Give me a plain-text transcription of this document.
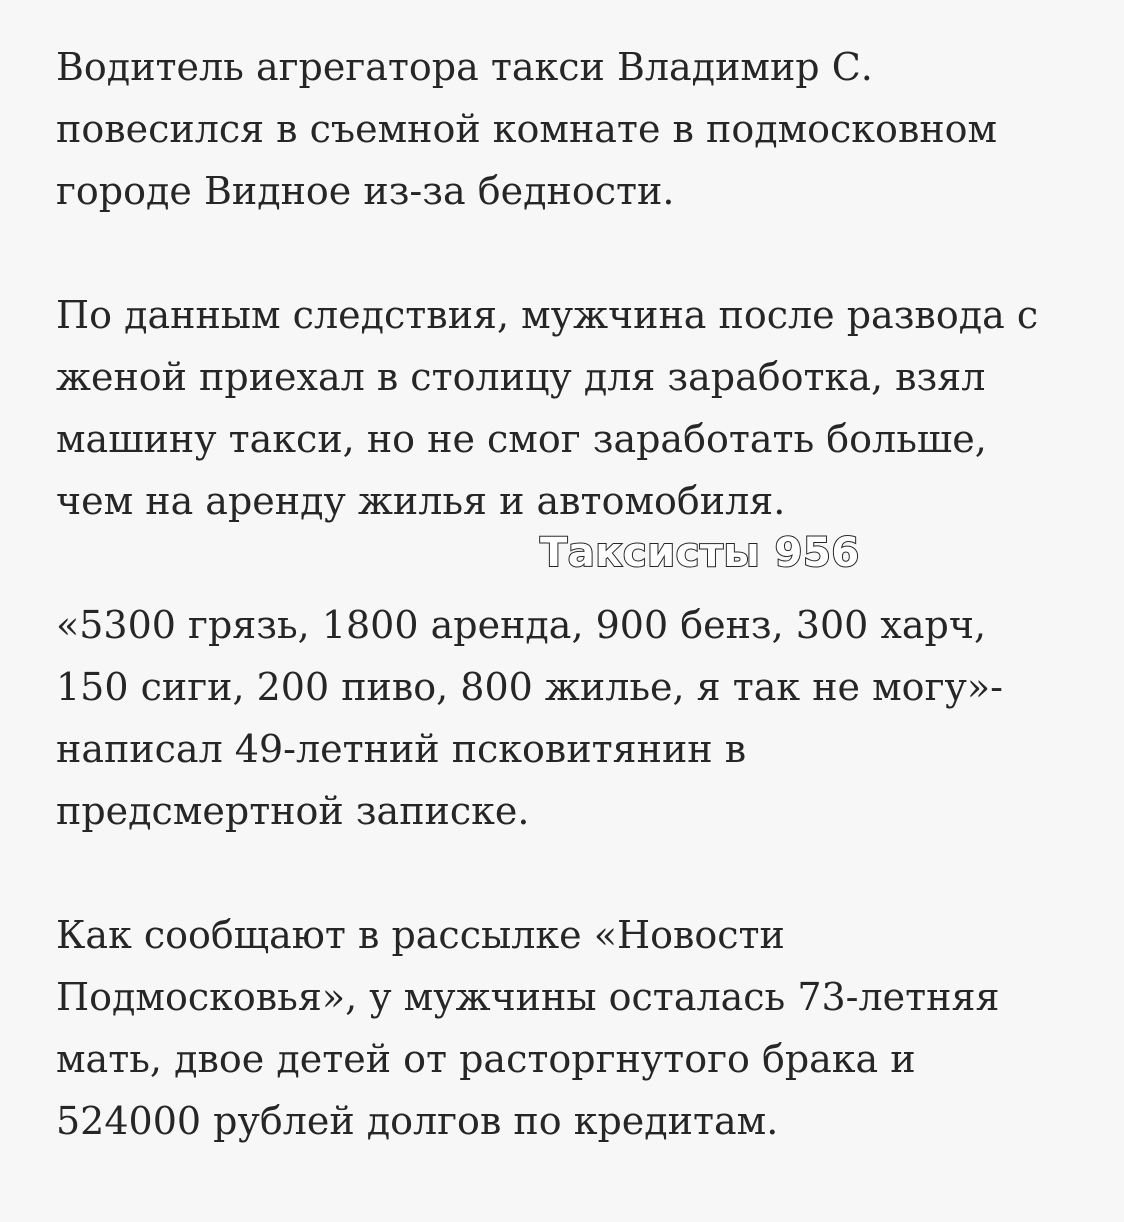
Водитель агрегатора такси Владимир С.
повесился в съемной комнате в подмосковном
городе Видное из-за бедности.

По данным следствия, мужчина после развода с
женой приехал в столицу для заработка, взял
машину такси, но не смог заработать больше,
чем на аренду жилья и автомобиля.

«5300 грязь, 1800 аренда, 900 бенз, 300 харч,
150 сиги, 200 пиво, 800 жилье, я так не могу»-
написал 49-летний псковитянин в
предсмертной записке.

Как сообщают в рассылке «Новости
Подмосковья», у мужчины осталась 73-летняя
мать, двое детей от расторгнутого брака и
524000 рублей долгов по кредитам.

Таксисты 956
